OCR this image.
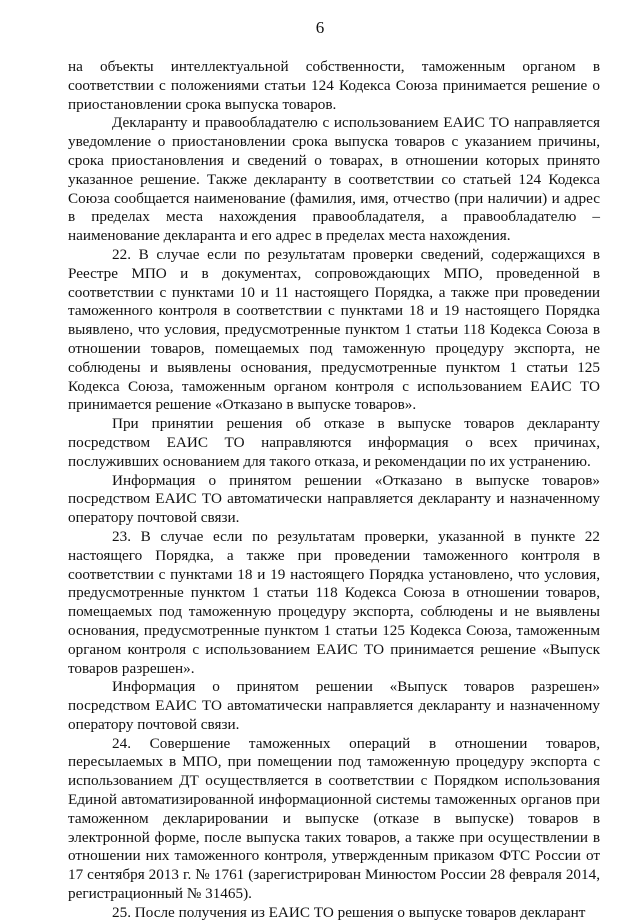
6

на объекты интеллектуальной собственности, таможенным органом в соответствии с положениями статьи 124 Кодекса Союза принимается решение о приостановлении срока выпуска товаров.

Декларанту и правообладателю с использованием ЕАИС ТО направляется уведомление о приостановлении срока выпуска товаров с указанием причины, срока приостановления и сведений о товарах, в отношении которых принято указанное решение. Также декларанту в соответствии со статьей 124 Кодекса Союза сообщается наименование (фамилия, имя, отчество (при наличии) и адрес в пределах места нахождения правообладателя, а правообладателю – наименование декларанта и его адрес в пределах места нахождения.

22. В случае если по результатам проверки сведений, содержащихся в Реестре МПО и в документах, сопровождающих МПО, проведенной в соответствии с пунктами 10 и 11 настоящего Порядка, а также при проведении таможенного контроля в соответствии с пунктами 18 и 19 настоящего Порядка выявлено, что условия, предусмотренные пунктом 1 статьи 118 Кодекса Союза в отношении товаров, помещаемых под таможенную процедуру экспорта, не соблюдены и выявлены основания, предусмотренные пунктом 1 статьи 125 Кодекса Союза, таможенным органом контроля с использованием ЕАИС ТО принимается решение «Отказано в выпуске товаров».

При принятии решения об отказе в выпуске товаров декларанту посредством ЕАИС ТО направляются информация о всех причинах, послуживших основанием для такого отказа, и рекомендации по их устранению.

Информация о принятом решении «Отказано в выпуске товаров» посредством ЕАИС ТО автоматически направляется декларанту и назначенному оператору почтовой связи.

23. В случае если по результатам проверки, указанной в пункте 22 настоящего Порядка, а также при проведении таможенного контроля в соответствии с пунктами 18 и 19 настоящего Порядка установлено, что условия, предусмотренные пунктом 1 статьи 118 Кодекса Союза в отношении товаров, помещаемых под таможенную процедуру экспорта, соблюдены и не выявлены основания, предусмотренные пунктом 1 статьи 125 Кодекса Союза, таможенным органом контроля с использованием ЕАИС ТО принимается решение «Выпуск товаров разрешен».

Информация о принятом решении «Выпуск товаров разрешен» посредством ЕАИС ТО автоматически направляется декларанту и назначенному оператору почтовой связи.

24. Совершение таможенных операций в отношении товаров, пересылаемых в МПО, при помещении под таможенную процедуру экспорта с использованием ДТ осуществляется в соответствии с Порядком использования Единой автоматизированной информационной системы таможенных органов при таможенном декларировании и выпуске (отказе в выпуске) товаров в электронной форме, после выпуска таких товаров, а также при осуществлении в отношении них таможенного контроля, утвержденным приказом ФТС России от 17 сентября 2013 г. № 1761 (зарегистрирован Минюстом России 28 февраля 2014, регистрационный № 31465).

25. После получения из ЕАИС ТО решения о выпуске товаров декларант
